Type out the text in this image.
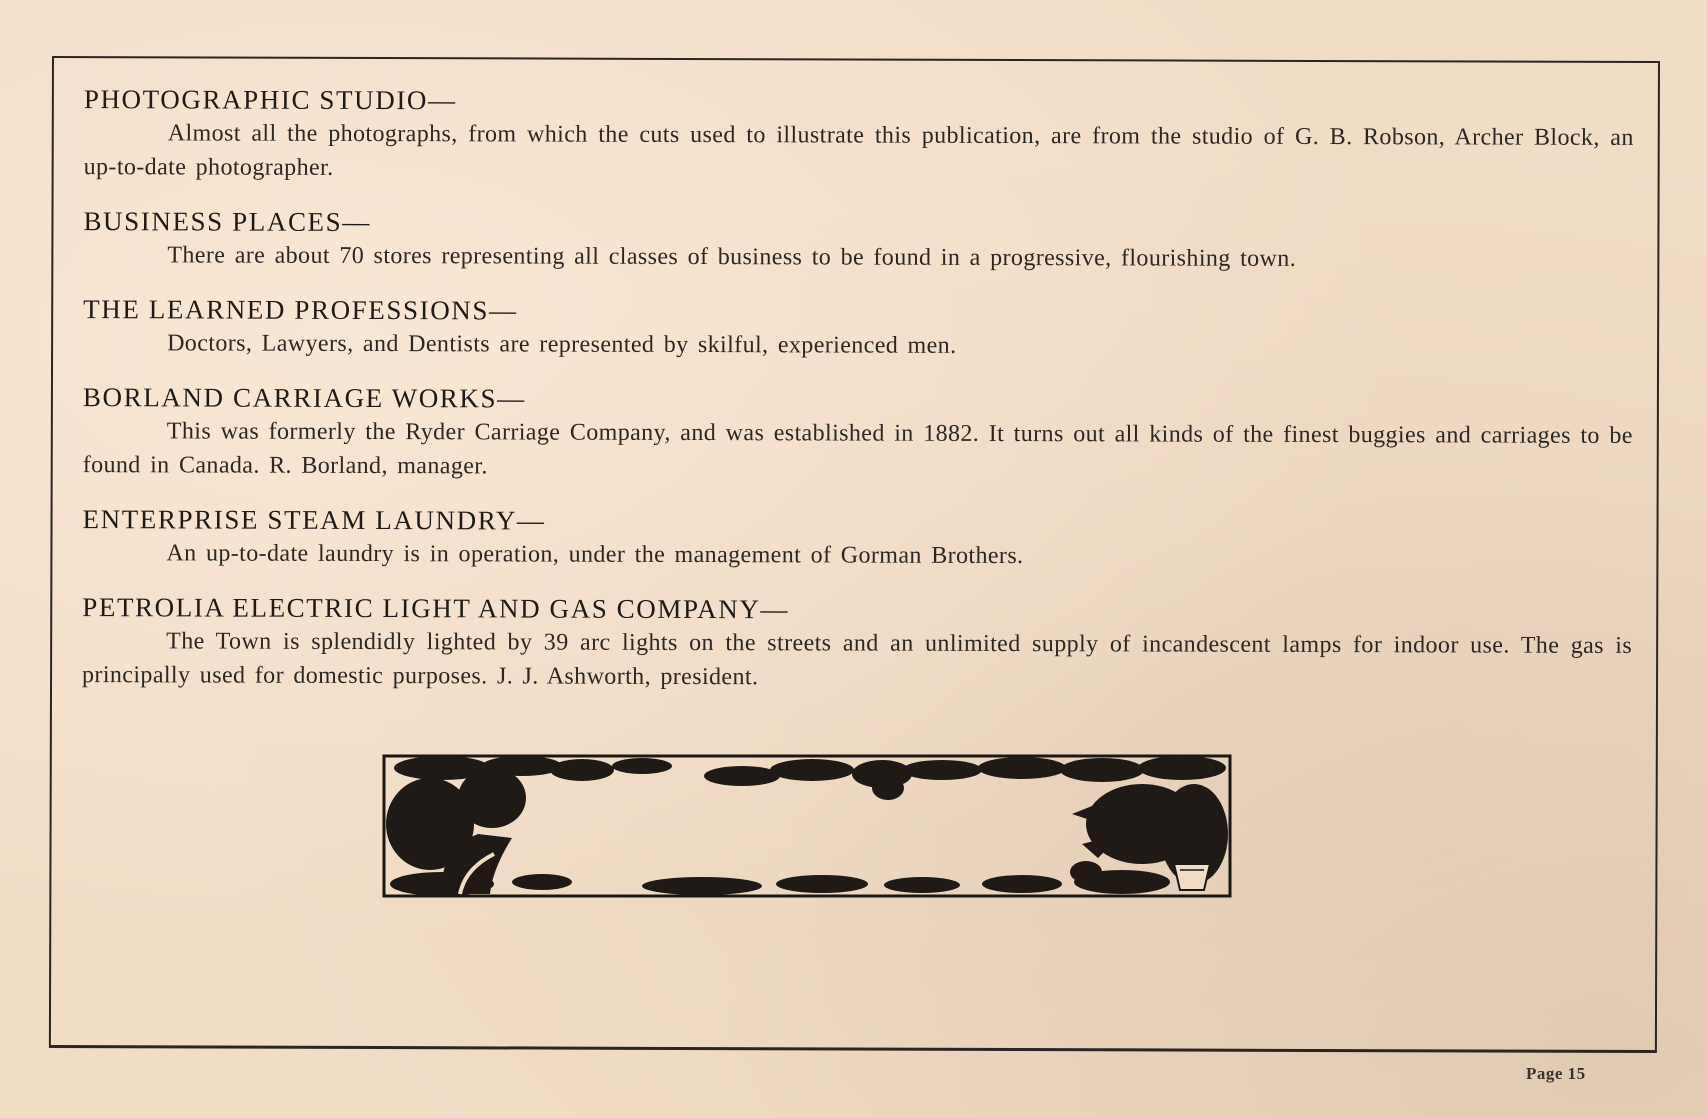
PHOTOGRAPHIC STUDIO—
Almost all the photographs, from which the cuts used to illustrate this publication, are from the studio of G. B. Robson, Archer Block, an up-to-date photographer.
BUSINESS PLACES—
There are about 70 stores representing all classes of business to be found in a progressive, flourishing town.
THE LEARNED PROFESSIONS—
Doctors, Lawyers, and Dentists are represented by skilful, experienced men.
BORLAND CARRIAGE WORKS—
This was formerly the Ryder Carriage Company, and was established in 1882. It turns out all kinds of the finest buggies and carriages to be found in Canada. R. Borland, manager.
ENTERPRISE STEAM LAUNDRY—
An up-to-date laundry is in operation, under the management of Gorman Brothers.
PETROLIA ELECTRIC LIGHT AND GAS COMPANY—
The Town is splendidly lighted by 39 arc lights on the streets and an unlimited supply of incandescent lamps for indoor use. The gas is principally used for domestic purposes. J. J. Ashworth, president.
Page 15
